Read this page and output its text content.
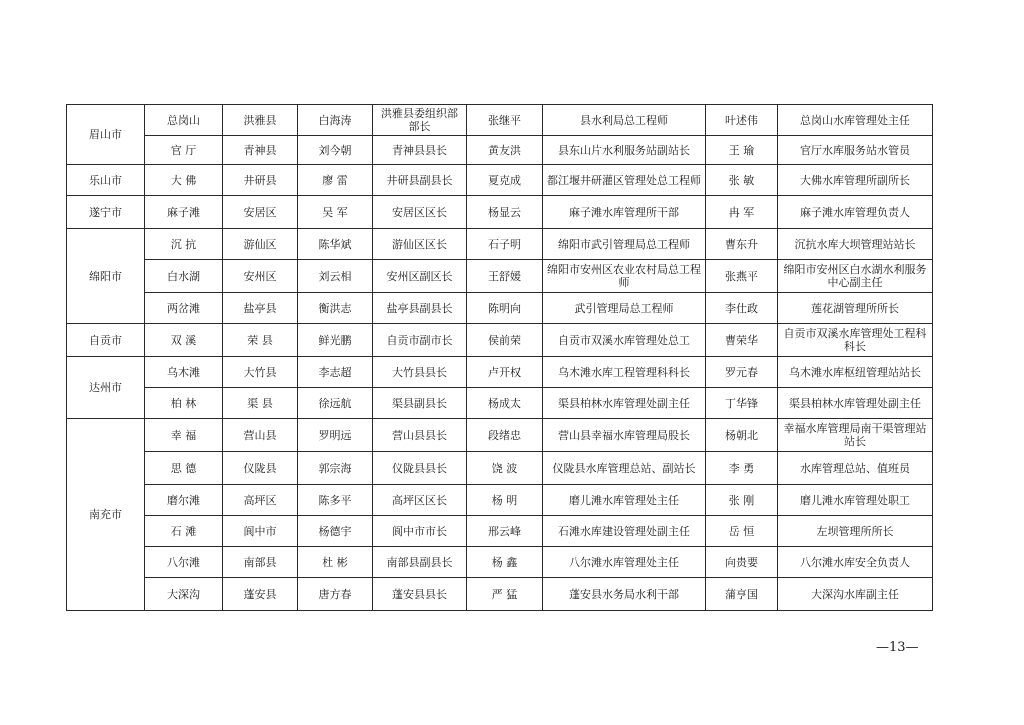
眉山市	总岗山	洪雅县	白海涛	洪雅县委组织部部长	张继平	县水利局总工程师	叶述伟	总岗山水库管理处主任
	官 厅	青神县	刘今朝	青神县县长	黄友洪	县东山片水利服务站副站长	王 瑜	官厅水库服务站水管员
乐山市	大 佛	井研县	廖 雷	井研县副县长	夏克成	都江堰井研灌区管理处总工程师	张 敏	大佛水库管理所副所长
遂宁市	麻子滩	安居区	吴 军	安居区区长	杨显云	麻子滩水库管理所干部	冉 军	麻子滩水库管理负责人
绵阳市	沉 抗	游仙区	陈华斌	游仙区区长	石子明	绵阳市武引管理局总工程师	曹东升	沉抗水库大坝管理站站长
	白水湖	安州区	刘云相	安州区副区长	王舒媛	绵阳市安州区农业农村局总工程师	张燕平	绵阳市安州区白水湖水利服务中心副主任
	两岔滩	盐亭县	衡洪志	盐亭县副县长	陈明向	武引管理局总工程师	李仕政	莲花湖管理所所长
自贡市	双 溪	荣 县	鲜光鹏	自贡市副市长	侯前荣	自贡市双溪水库管理处总工	曹荣华	自贡市双溪水库管理处工程科科长
达州市	乌木滩	大竹县	李志超	大竹县县长	卢开权	乌木滩水库工程管理科科长	罗元春	乌木滩水库枢纽管理站站长
	柏 林	渠 县	徐远航	渠县副县长	杨成太	渠县柏林水库管理处副主任	丁华锋	渠县柏林水库管理处副主任
南充市	幸 福	营山县	罗明远	营山县县长	段绪忠	营山县幸福水库管理局股长	杨朝北	幸福水库管理局南干渠管理站站长
	思 德	仪陇县	郭宗海	仪陇县县长	饶 波	仪陇县水库管理总站、副站长	李 勇	水库管理总站、值班员
	磨尔滩	高坪区	陈多平	高坪区区长	杨 明	磨儿滩水库管理处主任	张 刚	磨儿滩水库管理处职工
	石 滩	阆中市	杨德宇	阆中市市长	邢云峰	石滩水库建设管理处副主任	岳 恒	左坝管理所所长
	八尔滩	南部县	杜 彬	南部县副县长	杨 鑫	八尔滩水库管理处主任	向贵要	八尔滩水库安全负责人
	大深沟	蓬安县	唐方春	蓬安县县长	严 猛	蓬安县水务局水利干部	蒲亨国	大深沟水库副主任
—13—
